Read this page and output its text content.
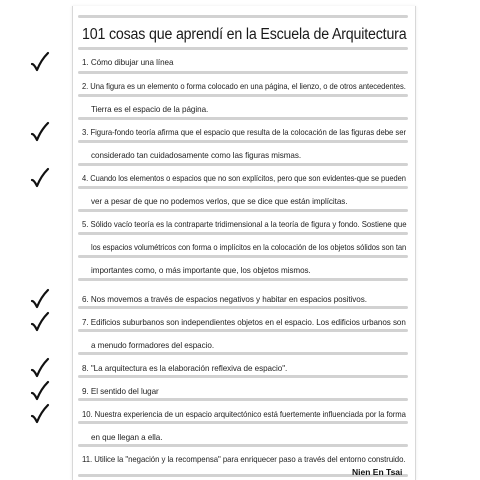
101 cosas que aprendí en la Escuela de Arquitectura
1. Cómo dibujar una línea
2. Una figura es un elemento o forma colocado en una página, el lienzo, o de otros antecedentes.
Tierra es el espacio de la página.
3. Figura-fondo teoría afirma que el espacio que resulta de la colocación de las figuras debe ser
considerado tan cuidadosamente como las figuras mismas.
4. Cuando los elementos o espacios que no son explícitos, pero que son evidentes-que se pueden
ver a pesar de que no podemos verlos, que se dice que están implícitas.
5. Sólido vacío teoría es la contraparte tridimensional a la teoría de figura y fondo. Sostiene que
los espacios volumétricos con forma o implícitos en la colocación de los objetos sólidos son tan
importantes como, o más importante que, los objetos mismos.
6. Nos movemos a través de espacios negativos y habitar en espacios positivos.
7. Edificios suburbanos son independientes objetos en el espacio. Los edificios urbanos son
a menudo formadores del espacio.
8. "La arquitectura es la elaboración reflexiva de espacio".
9. El sentido del lugar
10. Nuestra experiencia de un espacio arquitectónico está fuertemente influenciada por la forma
en que llegan a ella.
11. Utilice la "negación y la recompensa" para enriquecer paso a través del entorno construido.
Nien En Tsai
